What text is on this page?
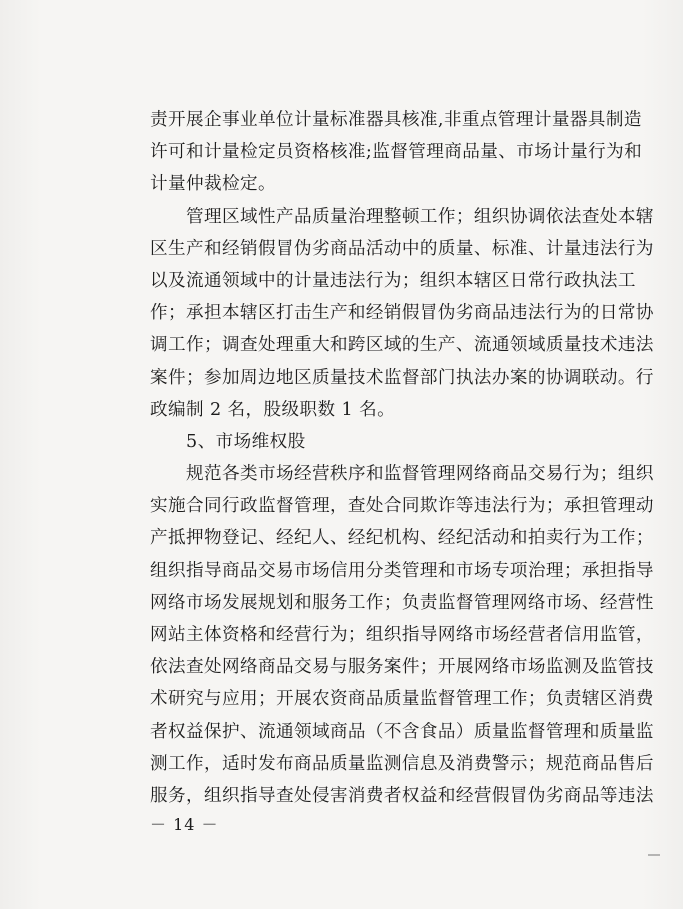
责开展企事业单位计量标准器具核准,非重点管理计量器具制造
许可和计量检定员资格核准;监督管理商品量、市场计量行为和
计量仲裁检定。
管理区域性产品质量治理整顿工作；组织协调依法查处本辖
区生产和经销假冒伪劣商品活动中的质量、标准、计量违法行为
以及流通领域中的计量违法行为；组织本辖区日常行政执法工
作；承担本辖区打击生产和经销假冒伪劣商品违法行为的日常协
调工作；调查处理重大和跨区域的生产、流通领域质量技术违法
案件；参加周边地区质量技术监督部门执法办案的协调联动。行
政编制 2 名，股级职数 1 名。
5、市场维权股
规范各类市场经营秩序和监督管理网络商品交易行为；组织
实施合同行政监督管理，查处合同欺诈等违法行为；承担管理动
产抵押物登记、经纪人、经纪机构、经纪活动和拍卖行为工作；
组织指导商品交易市场信用分类管理和市场专项治理；承担指导
网络市场发展规划和服务工作；负责监督管理网络市场、经营性
网站主体资格和经营行为；组织指导网络市场经营者信用监管，
依法查处网络商品交易与服务案件；开展网络市场监测及监管技
术研究与应用；开展农资商品质量监督管理工作；负责辖区消费
者权益保护、流通领域商品（不含食品）质量监督管理和质量监
测工作，适时发布商品质量监测信息及消费警示；规范商品售后
服务，组织指导查处侵害消费者权益和经营假冒伪劣商品等违法
－ 14 －
